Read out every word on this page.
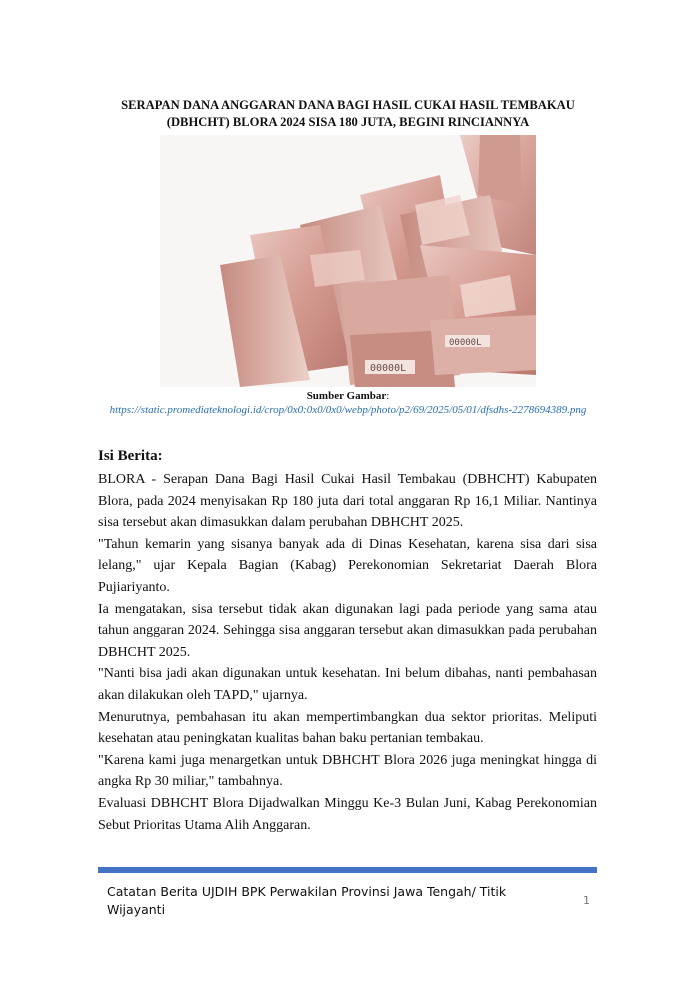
SERAPAN DANA ANGGARAN DANA BAGI HASIL CUKAI HASIL TEMBAKAU (DBHCHT) BLORA 2024 SISA 180 JUTA, BEGINI RINCIANNYA
00000L
00000L
Sumber Gambar:
https://static.promediateknologi.id/crop/0x0:0x0/0x0/webp/photo/p2/69/2025/05/01/dfsdhs-2278694389.png
Isi Berita:

BLORA - Serapan Dana Bagi Hasil Cukai Hasil Tembakau (DBHCHT) Kabupaten Blora, pada 2024 menyisakan Rp 180 juta dari total anggaran Rp 16,1 Miliar. Nantinya sisa tersebut akan dimasukkan dalam perubahan DBHCHT 2025.

"Tahun kemarin yang sisanya banyak ada di Dinas Kesehatan, karena sisa dari sisa lelang," ujar Kepala Bagian (Kabag) Perekonomian Sekretariat Daerah Blora Pujiariyanto.

Ia mengatakan, sisa tersebut tidak akan digunakan lagi pada periode yang sama atau tahun anggaran 2024. Sehingga sisa anggaran tersebut akan dimasukkan pada perubahan DBHCHT 2025.

"Nanti bisa jadi akan digunakan untuk kesehatan. Ini belum dibahas, nanti pembahasan akan dilakukan oleh TAPD," ujarnya.

Menurutnya, pembahasan itu akan mempertimbangkan dua sektor prioritas. Meliputi kesehatan atau peningkatan kualitas bahan baku pertanian tembakau.

"Karena kami juga menargetkan untuk DBHCHT Blora 2026 juga meningkat hingga di angka Rp 30 miliar," tambahnya.

Evaluasi DBHCHT Blora Dijadwalkan Minggu Ke-3 Bulan Juni, Kabag Perekonomian Sebut Prioritas Utama Alih Anggaran.

Catatan Berita UJDIH BPK Perwakilan Provinsi Jawa Tengah/ Titik Wijayanti
1
